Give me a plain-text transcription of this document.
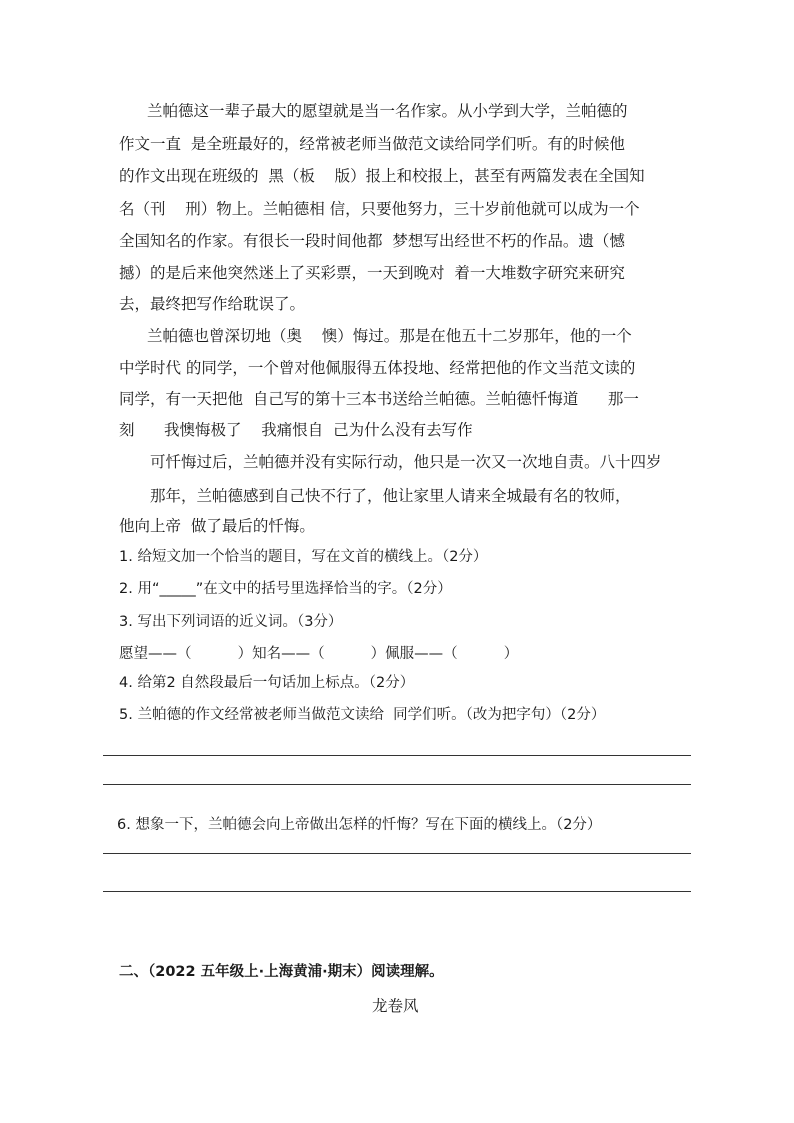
兰帕德这一辈子最大的愿望就是当一名作家。从小学到大学，兰帕德的
作文一直  是全班最好的，经常被老师当做范文读给同学们听。有的时候他
的作文出现在班级的  黑（板    版）报上和校报上，甚至有两篇发表在全国知
名（刊    刑）物上。兰帕德相 信，只要他努力，三十岁前他就可以成为一个
全国知名的作家。有很长一段时间他都  梦想写出经世不朽的作品。遗（憾
撼）的是后来他突然迷上了买彩票，一天到晚对  着一大堆数字研究来研究
去，最终把写作给耽误了。
兰帕德也曾深切地（奥    懊）悔过。那是在他五十二岁那年，他的一个
中学时代 的同学，一个曾对他佩服得五体投地、经常把他的作文当范文读的
同学，有一天把他  自己写的第十三本书送给兰帕德。兰帕德忏悔道      那一
刻      我懊悔极了    我痛恨自  己为什么没有去写作
可忏悔过后，兰帕德并没有实际行动，他只是一次又一次地自责。八十四岁
那年，兰帕德感到自己快不行了，他让家里人请来全城最有名的牧师，
他向上帝  做了最后的忏悔。
1. 给短文加一个恰当的题目，写在文首的横线上。（2分）
2. 用“_____”在文中的括号里选择恰当的字。（2分）
3. 写出下列词语的近义词。（3分）
愿望——（          ）知名——（          ）佩服——（          ）
4. 给第2 自然段最后一句话加上标点。（2分）
5. 兰帕德的作文经常被老师当做范文读给  同学们听。（改为把字句）（2分）
6. 想象一下，兰帕德会向上帝做出怎样的忏悔？写在下面的横线上。（2分）
二、（2022 五年级上·上海黄浦·期末）阅读理解。
龙卷风
